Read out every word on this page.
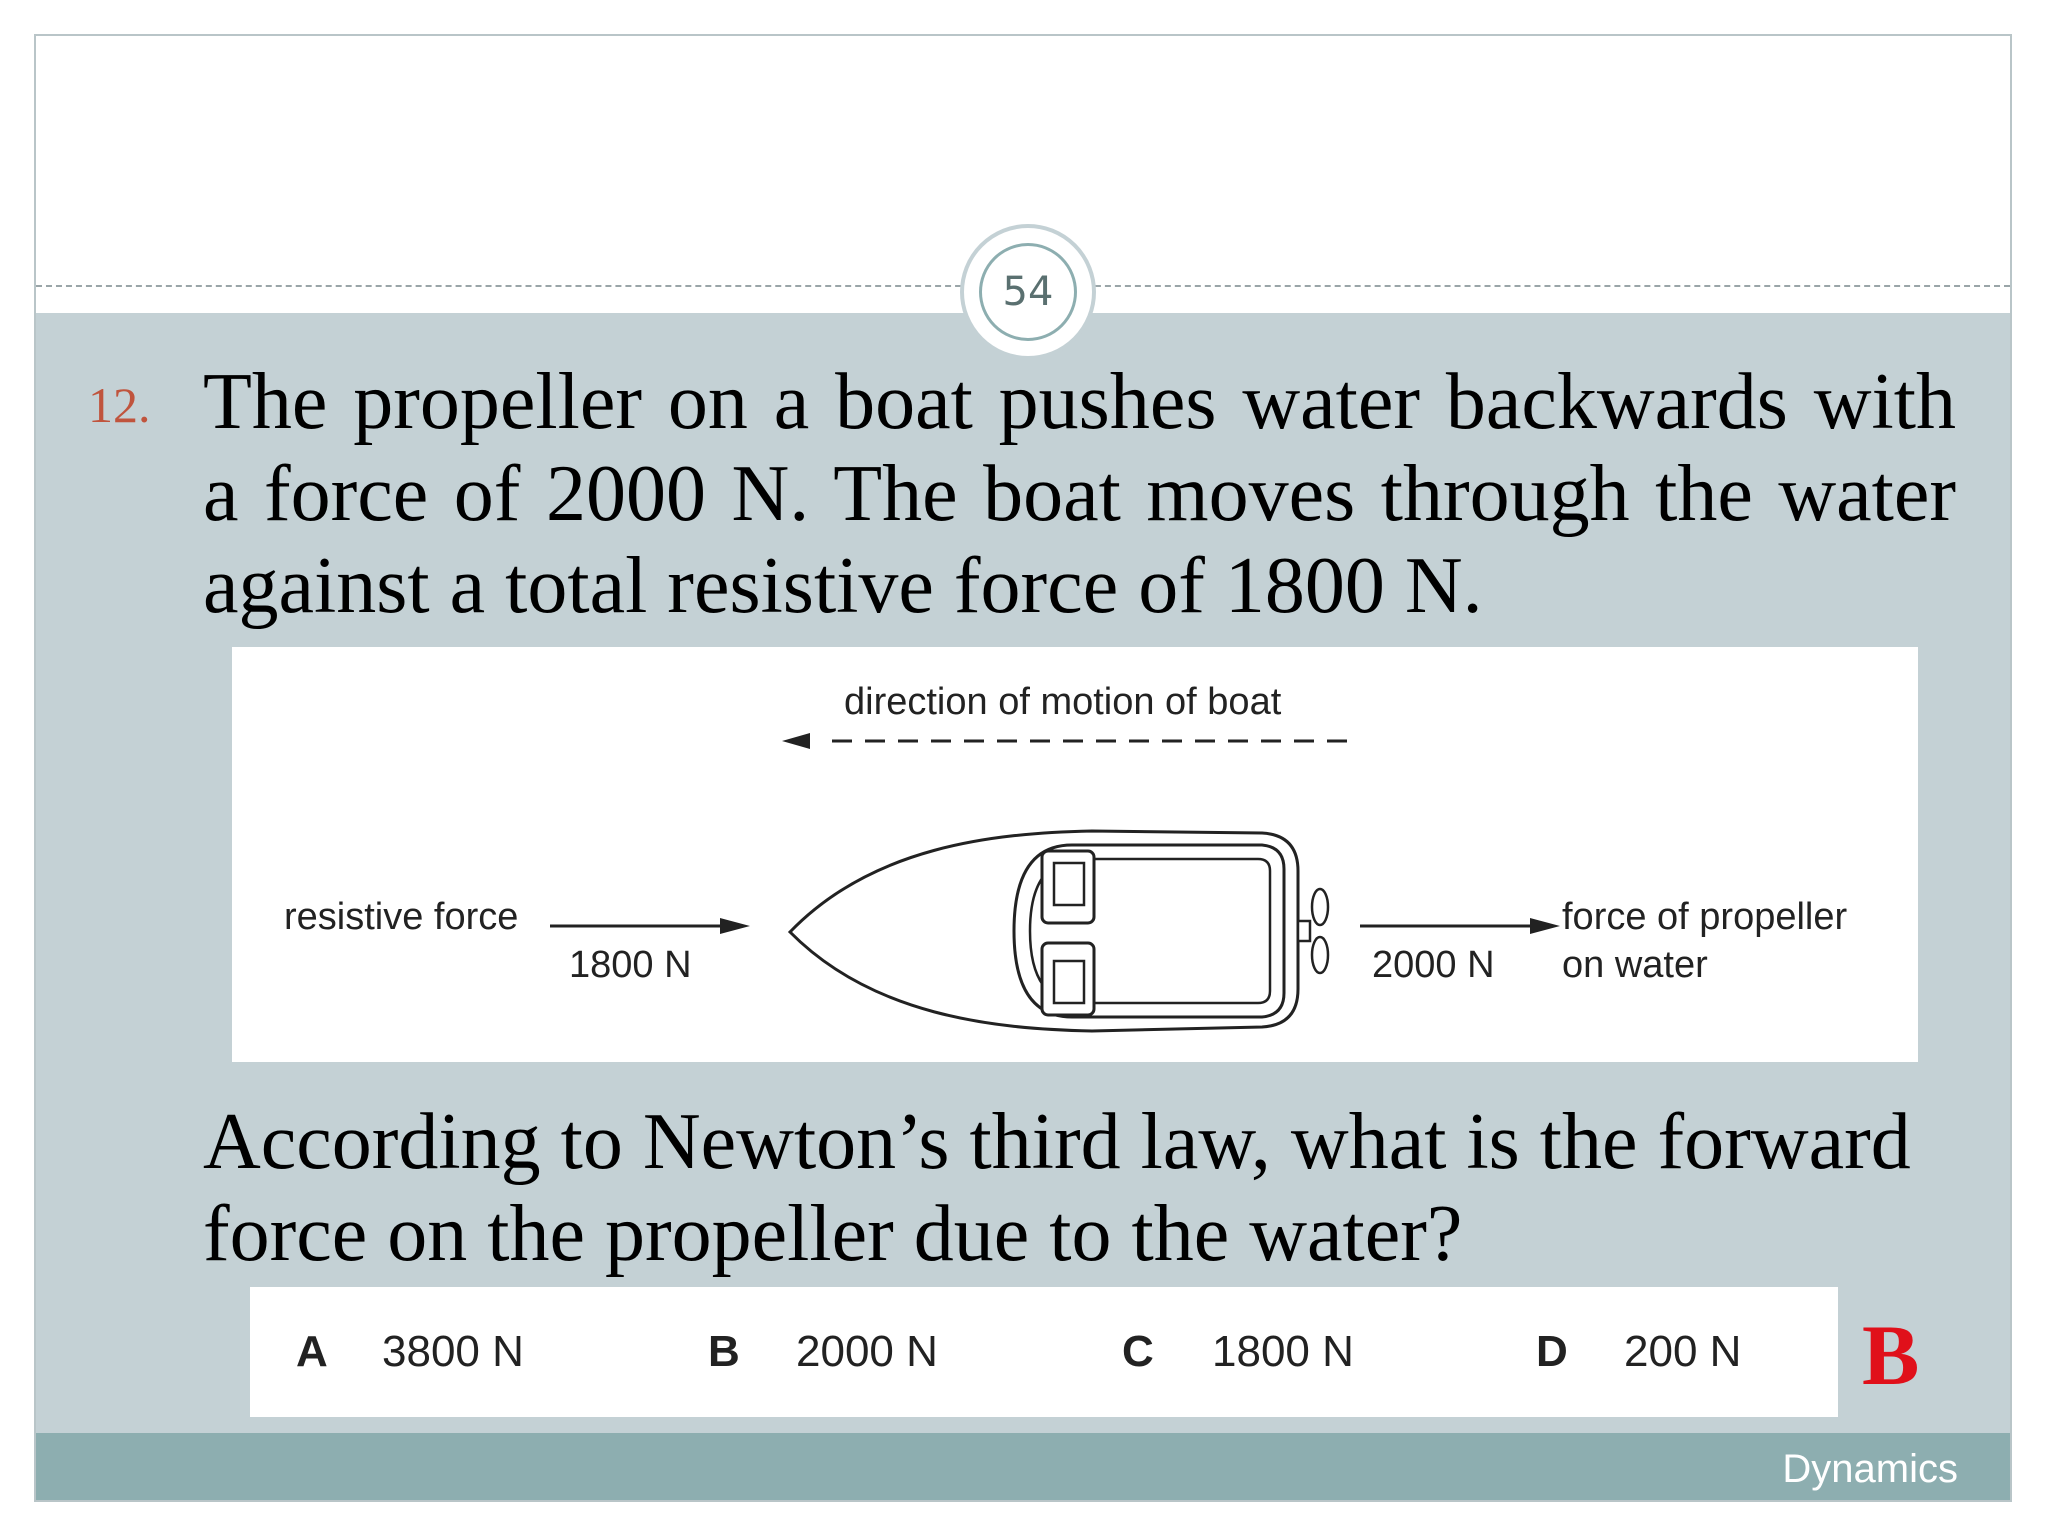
54
12. The propeller on a boat pushes water backwards with a force of 2000 N. The boat moves through the water against a total resistive force of 1800 N.
direction of motion of boat
resistive force
1800 N	2000 N
force of propeller
on water
According to Newton’s third law, what is the forward force on the propeller due to the water?
A 3800 N	B 2000 N	C 1800 N	D 200 N B
Dynamics
